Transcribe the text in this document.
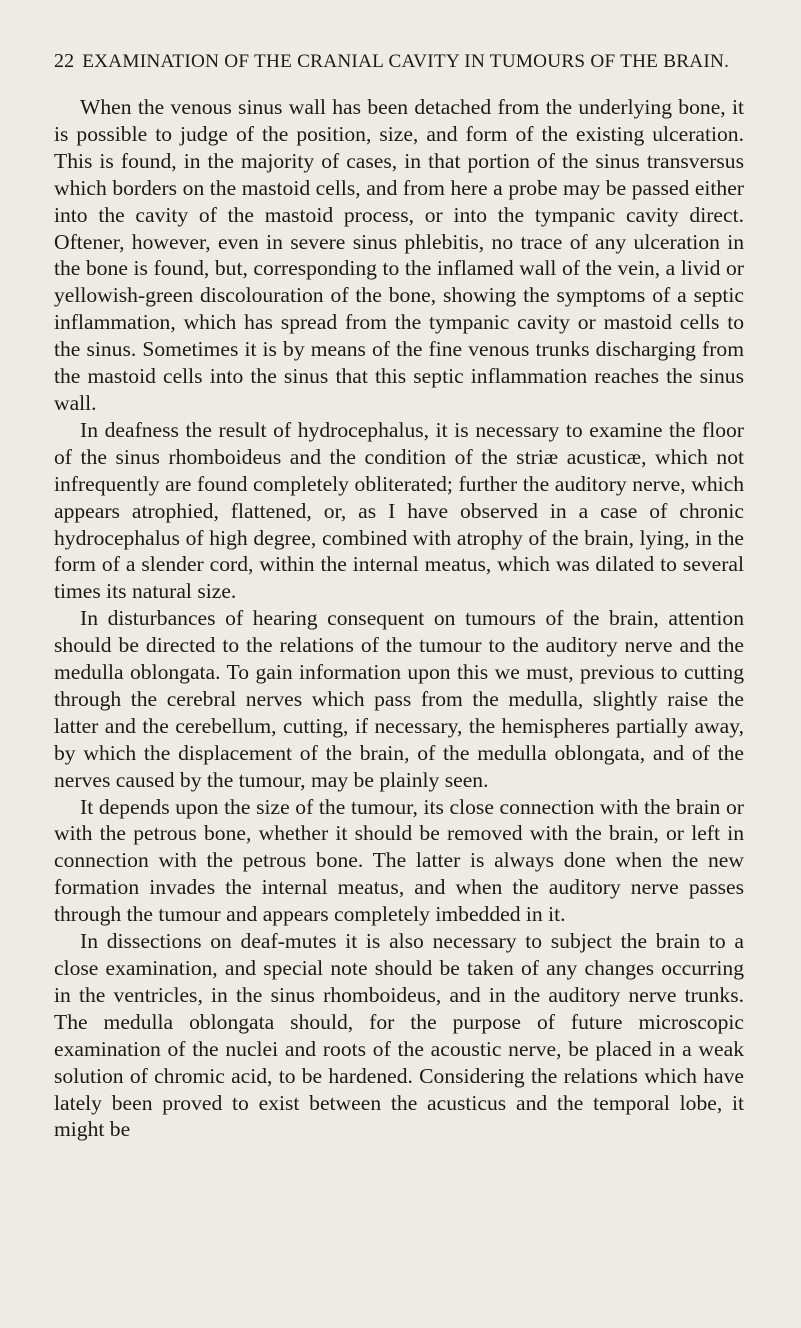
22 EXAMINATION OF THE CRANIAL CAVITY IN TUMOURS OF THE BRAIN.

When the venous sinus wall has been detached from the underlying bone, it is possible to judge of the position, size, and form of the existing ulceration. This is found, in the majority of cases, in that portion of the sinus transversus which borders on the mastoid cells, and from here a probe may be passed either into the cavity of the mastoid process, or into the tympanic cavity direct. Oftener, however, even in severe sinus phlebitis, no trace of any ulceration in the bone is found, but, corresponding to the inflamed wall of the vein, a livid or yellowish-green discolouration of the bone, showing the symptoms of a septic inflammation, which has spread from the tympanic cavity or mastoid cells to the sinus. Sometimes it is by means of the fine venous trunks discharging from the mastoid cells into the sinus that this septic inflammation reaches the sinus wall.

In deafness the result of hydrocephalus, it is necessary to examine the floor of the sinus rhomboideus and the condition of the striæ acusticæ, which not infrequently are found completely obliterated; further the auditory nerve, which appears atrophied, flattened, or, as I have observed in a case of chronic hydrocephalus of high degree, combined with atrophy of the brain, lying, in the form of a slender cord, within the internal meatus, which was dilated to several times its natural size.

In disturbances of hearing consequent on tumours of the brain, attention should be directed to the relations of the tumour to the auditory nerve and the medulla oblongata. To gain information upon this we must, previous to cutting through the cerebral nerves which pass from the medulla, slightly raise the latter and the cerebellum, cutting, if necessary, the hemispheres partially away, by which the displacement of the brain, of the medulla oblongata, and of the nerves caused by the tumour, may be plainly seen.

It depends upon the size of the tumour, its close connection with the brain or with the petrous bone, whether it should be removed with the brain, or left in connection with the petrous bone. The latter is always done when the new formation invades the internal meatus, and when the auditory nerve passes through the tumour and appears completely imbedded in it.

In dissections on deaf-mutes it is also necessary to subject the brain to a close examination, and special note should be taken of any changes occurring in the ventricles, in the sinus rhomboideus, and in the auditory nerve trunks. The medulla oblongata should, for the purpose of future microscopic examination of the nuclei and roots of the acoustic nerve, be placed in a weak solution of chromic acid, to be hardened. Considering the relations which have lately been proved to exist between the acusticus and the temporal lobe, it might be
